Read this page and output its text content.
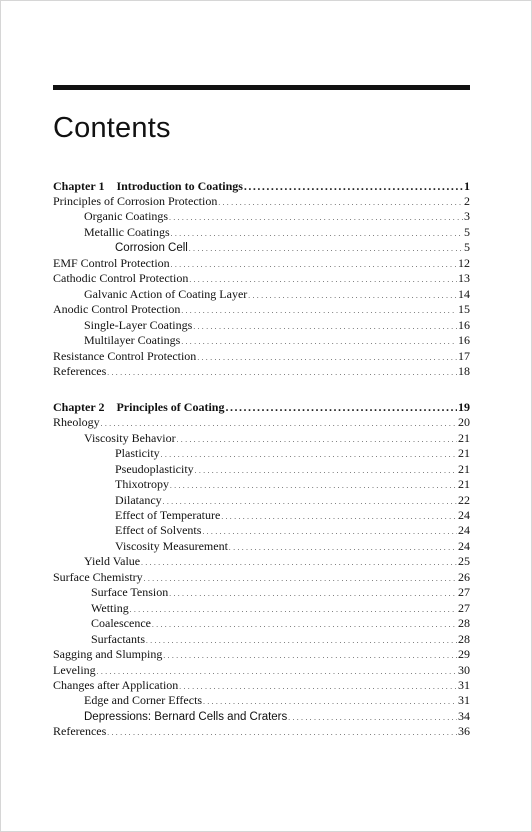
Contents
Chapter 1 Introduction to Coatings .....	1
Principles of Corrosion Protection . . .	2
Organic Coatings . . .	3
Metallic Coatings . . .	5
Corrosion Cell . . .	5
EMF Control Protection . . .	12
Cathodic Control Protection . . .	13
Galvanic Action of Coating Layer . . .	14
Anodic Control Protection . . .	15
Single-Layer Coatings . . .	16
Multilayer Coatings . . .	16
Resistance Control Protection . . .	17
References . . .	18
Chapter 2 Principles of Coating .....	19
Rheology . . .	20
Viscosity Behavior . . .	21
Plasticity . . .	21
Pseudoplasticity . . .	21
Thixotropy . . .	21
Dilatancy . . .	22
Effect of Temperature . . .	24
Effect of Solvents . . .	24
Viscosity Measurement . . .	24
Yield Value . . .	25
Surface Chemistry . . .	26
Surface Tension . . .	27
Wetting . . .	27
Coalescence . . .	28
Surfactants . . .	28
Sagging and Slumping . . .	29
Leveling . . .	30
Changes after Application . . .	31
Edge and Corner Effects . . .	31
Depressions: Bernard Cells and Craters . . .	34
References . . .	36
